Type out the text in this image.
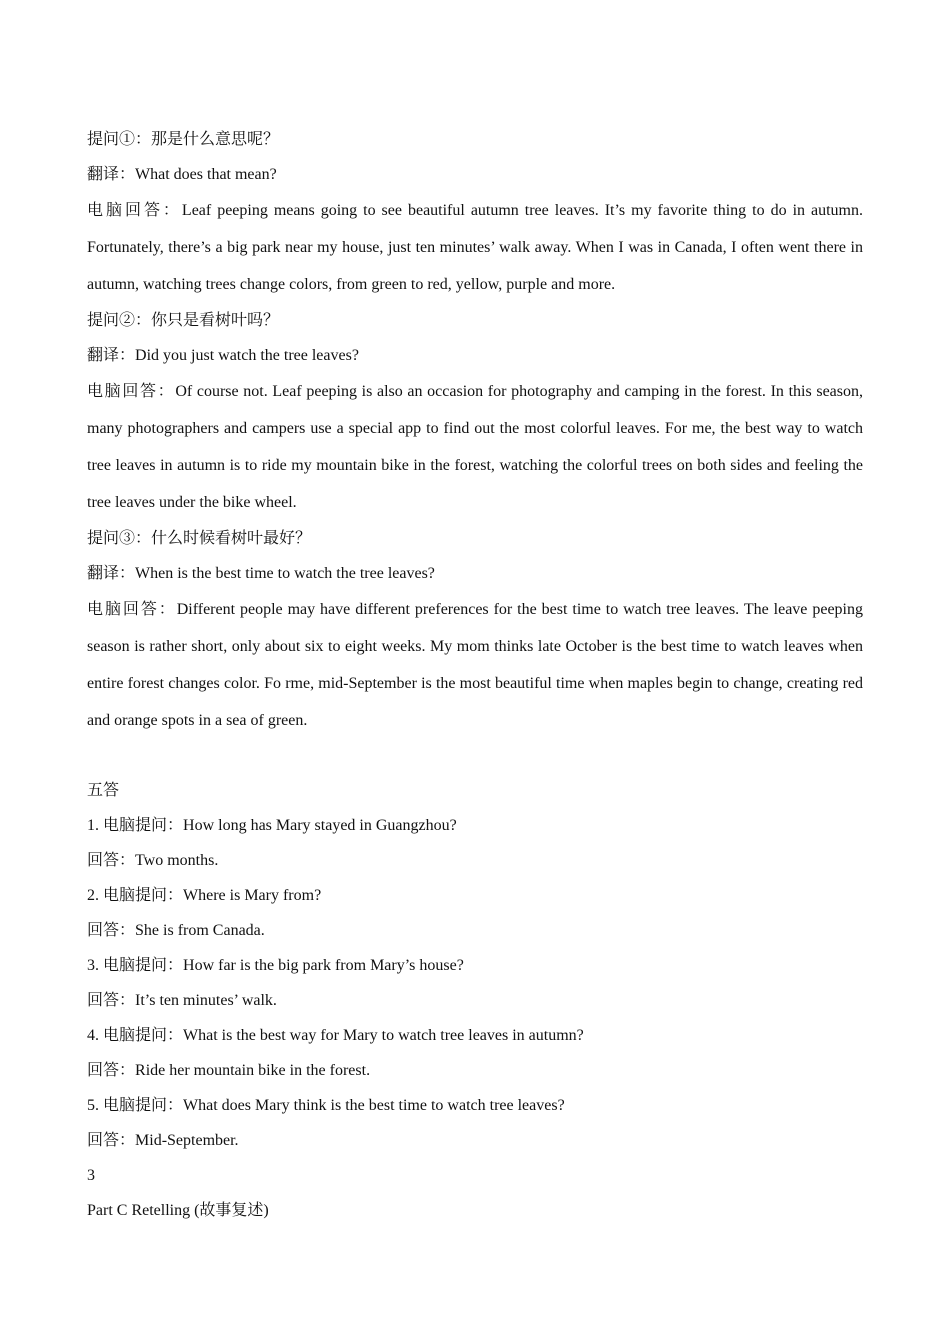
提问①：那是什么意思呢？
翻译：What does that mean?
电脑回答：Leaf peeping means going to see beautiful autumn tree leaves. It’s my favorite thing to do in autumn. Fortunately, there’s a big park near my house, just ten minutes’ walk away. When I was in Canada, I often went there in autumn, watching trees change colors, from green to red, yellow, purple and more.
提问②：你只是看树叶吗？
翻译：Did you just watch the tree leaves?
电脑回答：Of course not. Leaf peeping is also an occasion for photography and camping in the forest. In this season, many photographers and campers use a special app to find out the most colorful leaves. For me, the best way to watch tree leaves in autumn is to ride my mountain bike in the forest, watching the colorful trees on both sides and feeling the tree leaves under the bike wheel.
提问③：什么时候看树叶最好？
翻译：When is the best time to watch the tree leaves?
电脑回答：Different people may have different preferences for the best time to watch tree leaves. The leave peeping season is rather short, only about six to eight weeks. My mom thinks late October is the best time to watch leaves when entire forest changes color. Fo rme, mid-September is the most beautiful time when maples begin to change, creating red and orange spots in a sea of green.
五答
1. 电脑提问：How long has Mary stayed in Guangzhou?
回答：Two months.
2. 电脑提问：Where is Mary from?
回答：She is from Canada.
3. 电脑提问：How far is the big park from Mary’s house?
回答：It’s ten minutes’ walk.
4. 电脑提问：What is the best way for Mary to watch tree leaves in autumn?
回答：Ride her mountain bike in the forest.
5. 电脑提问：What does Mary think is the best time to watch tree leaves?
回答：Mid-September.
3
Part C Retelling (故事复述)
